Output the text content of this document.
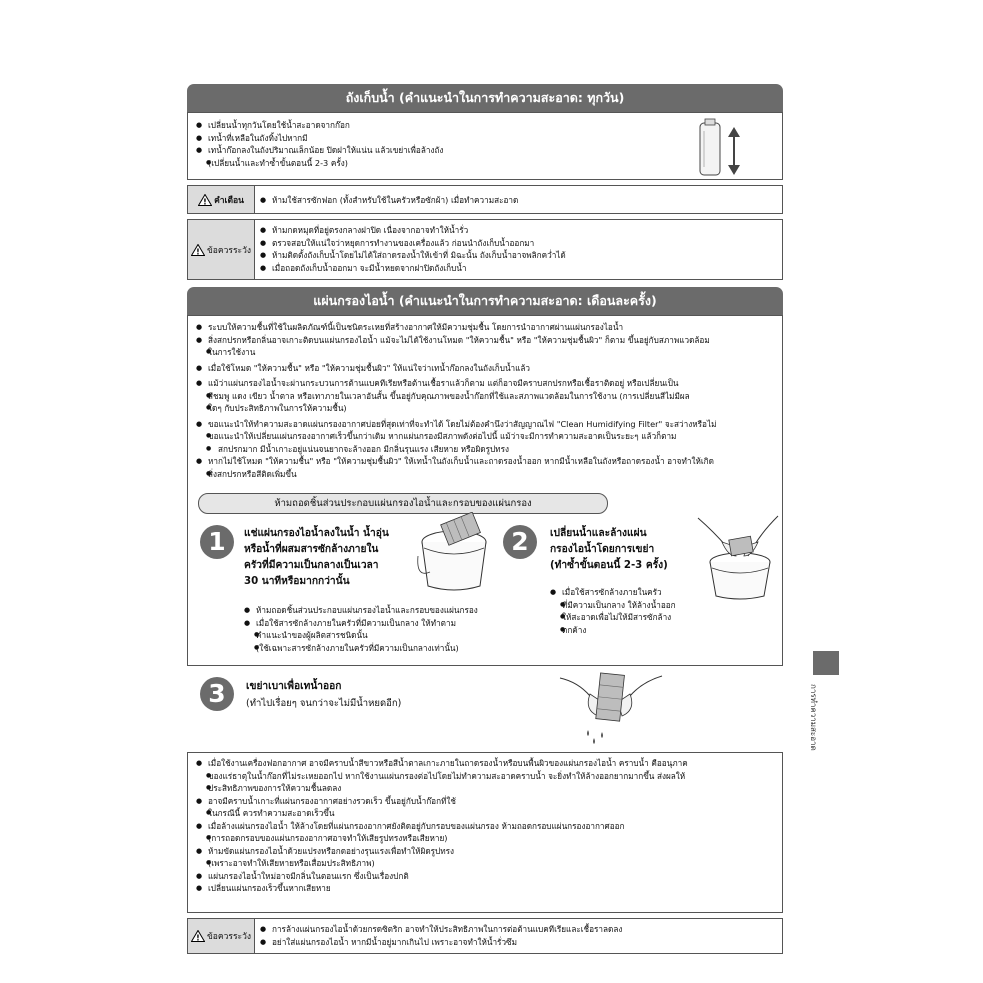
ถังเก็บน้ำ (คำแนะนำในการทำความสะอาด: ทุกวัน)
● เปลี่ยนน้ำทุกวันโดยใช้น้ำสะอาดจากก๊อก
● เทน้ำที่เหลือในถังทิ้งไปหากมี
● เทน้ำก๊อกลงในถังปริมาณเล็กน้อย ปิดฝาให้แน่น แล้วเขย่าเพื่อล้างถัง
● (เปลี่ยนน้ำและทำซ้ำขั้นตอนนี้ 2-3 ครั้ง)
! คำเตือน
●	ห้ามใช้สารซักฟอก (ทั้งสำหรับใช้ในครัวหรือซักผ้า) เมื่อทำความสะอาด
! ข้อควรระวัง
● ห้ามกดหมุดที่อยู่ตรงกลางฝาปิด เนื่องจากอาจทำให้น้ำรั่ว
● ตรวจสอบให้แน่ใจว่าหยุดการทำงานของเครื่องแล้ว ก่อนนำถังเก็บน้ำออกมา
● ห้ามติดตั้งถังเก็บน้ำโดยไม่ได้ใส่ถาดรองน้ำให้เข้าที่ มิฉะนั้น ถังเก็บน้ำอาจพลิกคว่ำได้
● เมื่อถอดถังเก็บน้ำออกมา จะมีน้ำหยดจากฝาปิดถังเก็บน้ำ
แผ่นกรองไอน้ำ (คำแนะนำในการทำความสะอาด: เดือนละครั้ง)
● ระบบให้ความชื้นที่ใช้ในผลิตภัณฑ์นี้เป็นชนิดระเหยที่สร้างอากาศให้มีความชุ่มชื้น โดยการนำอากาศผ่านแผ่นกรองไอน้ำ
● สิ่งสกปรกหรือกลิ่นอาจเกาะติดบนแผ่นกรองไอน้ำ แม้จะไม่ได้ใช้งานโหมด "ให้ความชื้น" หรือ "ให้ความชุ่มชื้นผิว" ก็ตาม ขึ้นอยู่กับสภาพแวดล้อม
● ในการใช้งาน
● เมื่อใช้โหมด "ให้ความชื้น" หรือ "ให้ความชุ่มชื้นผิว" ให้แน่ใจว่าเทน้ำก๊อกลงในถังเก็บน้ำแล้ว
● แม้ว่าแผ่นกรองไอน้ำจะผ่านกระบวนการต้านแบคทีเรียหรือต้านเชื้อราแล้วก็ตาม แต่ก็อาจมีคราบสกปรกหรือเชื้อราติดอยู่ หรือเปลี่ยนเป็น
● สีชมพู แดง เขียว น้ำตาล หรือเทาภายในเวลาอันสั้น ขึ้นอยู่กับคุณภาพของน้ำก๊อกที่ใช้และสภาพแวดล้อมในการใช้งาน (การเปลี่ยนสีไม่มีผล
● ใดๆ กับประสิทธิภาพในการให้ความชื้น)
● ขอแนะนำให้ทำความสะอาดแผ่นกรองอากาศบ่อยที่สุดเท่าที่จะทำได้ โดยไม่ต้องคำนึงว่าสัญญาณไฟ "Clean Humidifying Filter" จะสว่างหรือไม่
● ขอแนะนำให้เปลี่ยนแผ่นกรองอากาศเร็วขึ้นกว่าเดิม หากแผ่นกรองมีสภาพดังต่อไปนี้ แม้ว่าจะมีการทำความสะอาดเป็นระยะๆ แล้วก็ตาม
● สกปรกมาก มีน้ำเกาะอยู่แน่นจนยากจะล้างออก มีกลิ่นรุนแรง เสียหาย หรือผิดรูปทรง
● หากไม่ใช้โหมด "ให้ความชื้น" หรือ "ให้ความชุ่มชื้นผิว" ให้เทน้ำในถังเก็บน้ำและถาดรองน้ำออก หากมีน้ำเหลือในถังหรือถาดรองน้ำ อาจทำให้เกิด
● สิ่งสกปรกหรือสีติดเพิ่มขึ้น
ห้ามถอดชิ้นส่วนประกอบแผ่นกรองไอน้ำและกรอบของแผ่นกรอง
1	แช่แผ่นกรองไอน้ำลงในน้ำ น้ำอุ่น
หรือน้ำที่ผสมสารซักล้างภายใน
ครัวที่มีความเป็นกลางเป็นเวลา
30 นาทีหรือมากกว่านั้น
● ห้ามถอดชิ้นส่วนประกอบแผ่นกรองไอน้ำและกรอบของแผ่นกรอง
● เมื่อใช้สารซักล้างภายในครัวที่มีความเป็นกลาง ให้ทำตาม
● คำแนะนำของผู้ผลิตสารชนิดนั้น
● (ใช้เฉพาะสารซักล้างภายในครัวที่มีความเป็นกลางเท่านั้น)
2	เปลี่ยนน้ำและล้างแผ่น
กรองไอน้ำโดยการเขย่า
(ทำซ้ำขั้นตอนนี้ 2-3 ครั้ง)
● เมื่อใช้สารซักล้างภายในครัว
● ที่มีความเป็นกลาง ให้ล้างน้ำออก
● ให้สะอาดเพื่อไม่ให้มีสารซักล้าง
● ตกค้าง
3	เขย่าเบาเพื่อเทน้ำออก
(ทำไปเรื่อยๆ จนกว่าจะไม่มีน้ำหยดอีก)
● เมื่อใช้งานเครื่องฟอกอากาศ อาจมีคราบน้ำสีขาวหรือสีน้ำตาลเกาะภายในถาดรองน้ำหรือบนพื้นผิวของแผ่นกรองไอน้ำ คราบน้ำ คืออนุภาค
● ของแร่ธาตุในน้ำก๊อกที่ไม่ระเหยออกไป หากใช้งานแผ่นกรองต่อไปโดยไม่ทำความสะอาดคราบน้ำ จะยิ่งทำให้ล้างออกยากมากขึ้น ส่งผลให้
● ประสิทธิภาพของการให้ความชื้นลดลง
● อาจมีคราบน้ำเกาะที่แผ่นกรองอากาศอย่างรวดเร็ว ขึ้นอยู่กับน้ำก๊อกที่ใช้
● ในกรณีนี้ ควรทำความสะอาดเร็วขึ้น
● เมื่อล้างแผ่นกรองไอน้ำ ให้ล้างโดยที่แผ่นกรองอากาศยังติดอยู่กับกรอบของแผ่นกรอง ห้ามถอดกรอบแผ่นกรองอากาศออก
● (การถอดกรอบของแผ่นกรองอากาศอาจทำให้เสียรูปทรงหรือเสียหาย)
● ห้ามขัดแผ่นกรองไอน้ำด้วยแปรงหรือกดอย่างรุนแรงเพื่อทำให้ผิดรูปทรง
● (เพราะอาจทำให้เสียหายหรือเสื่อมประสิทธิภาพ)
● แผ่นกรองไอน้ำใหม่อาจมีกลิ่นในตอนแรก ซึ่งเป็นเรื่องปกติ
● เปลี่ยนแผ่นกรองเร็วขึ้นหากเสียหาย
! ข้อควรระวัง
● การล้างแผ่นกรองไอน้ำด้วยกรดซิตริก อาจทำให้ประสิทธิภาพในการต่อต้านแบคทีเรียและเชื้อราลดลง
● อย่าใส่แผ่นกรองไอน้ำ หากมีน้ำอยู่มากเกินไป เพราะอาจทำให้น้ำรั่วซึม
การทำความสะอาด
